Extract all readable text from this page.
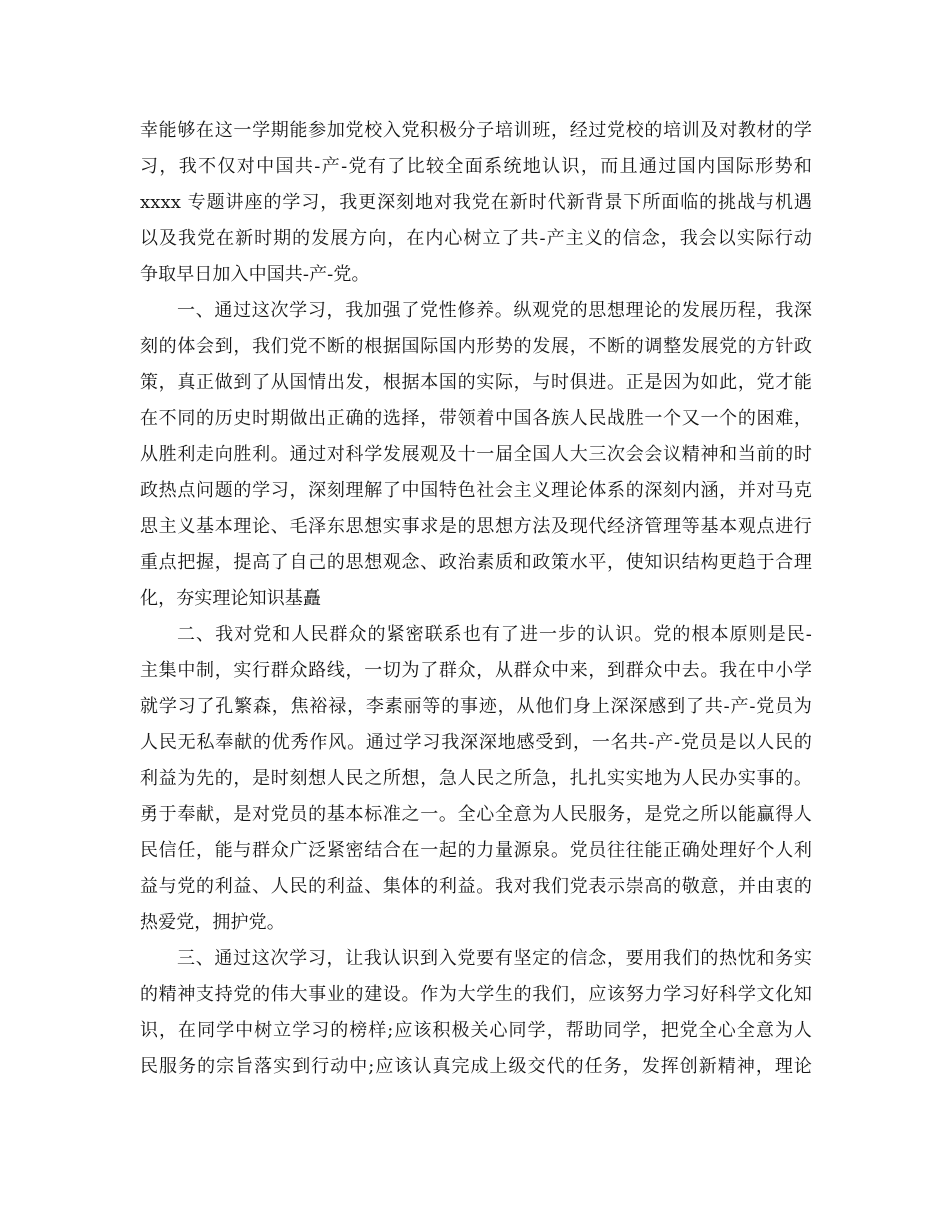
幸能够在这一学期能参加党校入党积极分子培训班，经过党校的培训及对教材的学
习，我不仅对中国共-产-党有了比较全面系统地认识，而且通过国内国际形势和
xxxx 专题讲座的学习，我更深刻地对我党在新时代新背景下所面临的挑战与机遇
以及我党在新时期的发展方向，在内心树立了共-产主义的信念，我会以实际行动
争取早日加入中国共-产-党。
一、通过这次学习，我加强了党性修养。纵观党的思想理论的发展历程，我深
刻的体会到，我们党不断的根据国际国内形势的发展，不断的调整发展党的方针政
策，真正做到了从国情出发，根据本国的实际，与时俱进。正是因为如此，党才能
在不同的历史时期做出正确的选择，带领着中国各族人民战胜一个又一个的困难，
从胜利走向胜利。通过对科学发展观及十一届全国人大三次会会议精神和当前的时
政热点问题的学习，深刻理解了中国特色社会主义理论体系的深刻内涵，并对马克
思主义基本理论、毛泽东思想实事求是的思想方法及现代经济管理等基本观点进行
重点把握，提高了自己的思想观念、政治素质和政策水平，使知识结构更趋于合理
化，夯实理论知识基矗
二、我对党和人民群众的紧密联系也有了进一步的认识。党的根本原则是民-
主集中制，实行群众路线，一切为了群众，从群众中来，到群众中去。我在中小学
就学习了孔繁森，焦裕禄，李素丽等的事迹，从他们身上深深感到了共-产-党员为
人民无私奉献的优秀作风。通过学习我深深地感受到，一名共-产-党员是以人民的
利益为先的，是时刻想人民之所想，急人民之所急，扎扎实实地为人民办实事的。
勇于奉献，是对党员的基本标准之一。全心全意为人民服务，是党之所以能赢得人
民信任，能与群众广泛紧密结合在一起的力量源泉。党员往往能正确处理好个人利
益与党的利益、人民的利益、集体的利益。我对我们党表示崇高的敬意，并由衷的
热爱党，拥护党。
三、通过这次学习，让我认识到入党要有坚定的信念，要用我们的热忱和务实
的精神支持党的伟大事业的建设。作为大学生的我们，应该努力学习好科学文化知
识，在同学中树立学习的榜样;应该积极关心同学，帮助同学，把党全心全意为人
民服务的宗旨落实到行动中;应该认真完成上级交代的任务，发挥创新精神，理论
